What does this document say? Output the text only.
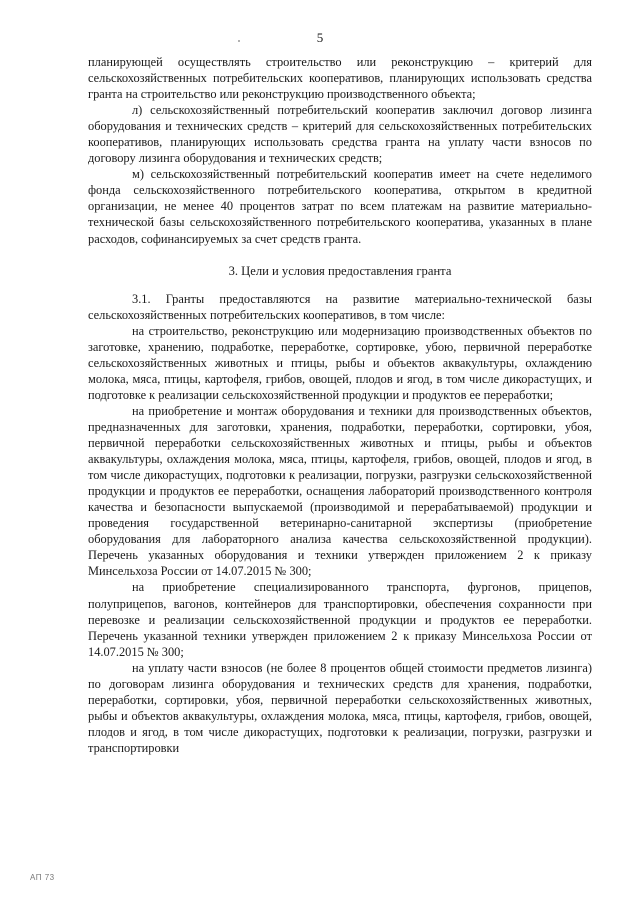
5

планирующей осуществлять строительство или реконструкцию – критерий для сельскохозяйственных потребительских кооперативов, планирующих использовать средства гранта на строительство или реконструкцию производственного объекта;

л) сельскохозяйственный потребительский кооператив заключил договор лизинга оборудования и технических средств – критерий для сельскохозяйственных потребительских кооперативов, планирующих использовать средства гранта на уплату части взносов по договору лизинга оборудования и технических средств;

м) сельскохозяйственный потребительский кооператив имеет на счете неделимого фонда сельскохозяйственного потребительского кооператива, открытом в кредитной организации, не менее 40 процентов затрат по всем платежам на развитие материально-технической базы сельскохозяйственного потребительского кооператива, указанных в плане расходов, софинансируемых за счет средств гранта.

3. Цели и условия предоставления гранта

3.1. Гранты предоставляются на развитие материально-технической базы сельскохозяйственных потребительских кооперативов, в том числе:

на строительство, реконструкцию или модернизацию производственных объектов по заготовке, хранению, подработке, переработке, сортировке, убою, первичной переработке сельскохозяйственных животных и птицы, рыбы и объектов аквакультуры, охлаждению молока, мяса, птицы, картофеля, грибов, овощей, плодов и ягод, в том числе дикорастущих, и подготовке к реализации сельскохозяйственной продукции и продуктов ее переработки;

на приобретение и монтаж оборудования и техники для производственных объектов, предназначенных для заготовки, хранения, подработки, переработки, сортировки, убоя, первичной переработки сельскохозяйственных животных и птицы, рыбы и объектов аквакультуры, охлаждения молока, мяса, птицы, картофеля, грибов, овощей, плодов и ягод, в том числе дикорастущих, подготовки к реализации, погрузки, разгрузки сельскохозяйственной продукции и продуктов ее переработки, оснащения лабораторий производственного контроля качества и безопасности выпускаемой (производимой и перерабатываемой) продукции и проведения государственной ветеринарно-санитарной экспертизы (приобретение оборудования для лабораторного анализа качества сельскохозяйственной продукции). Перечень указанных оборудования и техники утвержден приложением 2 к приказу Минсельхоза России от 14.07.2015 № 300;

на приобретение специализированного транспорта, фургонов, прицепов, полуприцепов, вагонов, контейнеров для транспортировки, обеспечения сохранности при перевозке и реализации сельскохозяйственной продукции и продуктов ее переработки. Перечень указанной техники утвержден приложением 2 к приказу Минсельхоза России от 14.07.2015 № 300;

на уплату части взносов (не более 8 процентов общей стоимости предметов лизинга) по договорам лизинга оборудования и технических средств для хранения, подработки, переработки, сортировки, убоя, первичной переработки сельскохозяйственных животных, рыбы и объектов аквакультуры, охлаждения молока, мяса, птицы, картофеля, грибов, овощей, плодов и ягод, в том числе дикорастущих, подготовки к реализации, погрузки, разгрузки и транспортировки

АП 73
